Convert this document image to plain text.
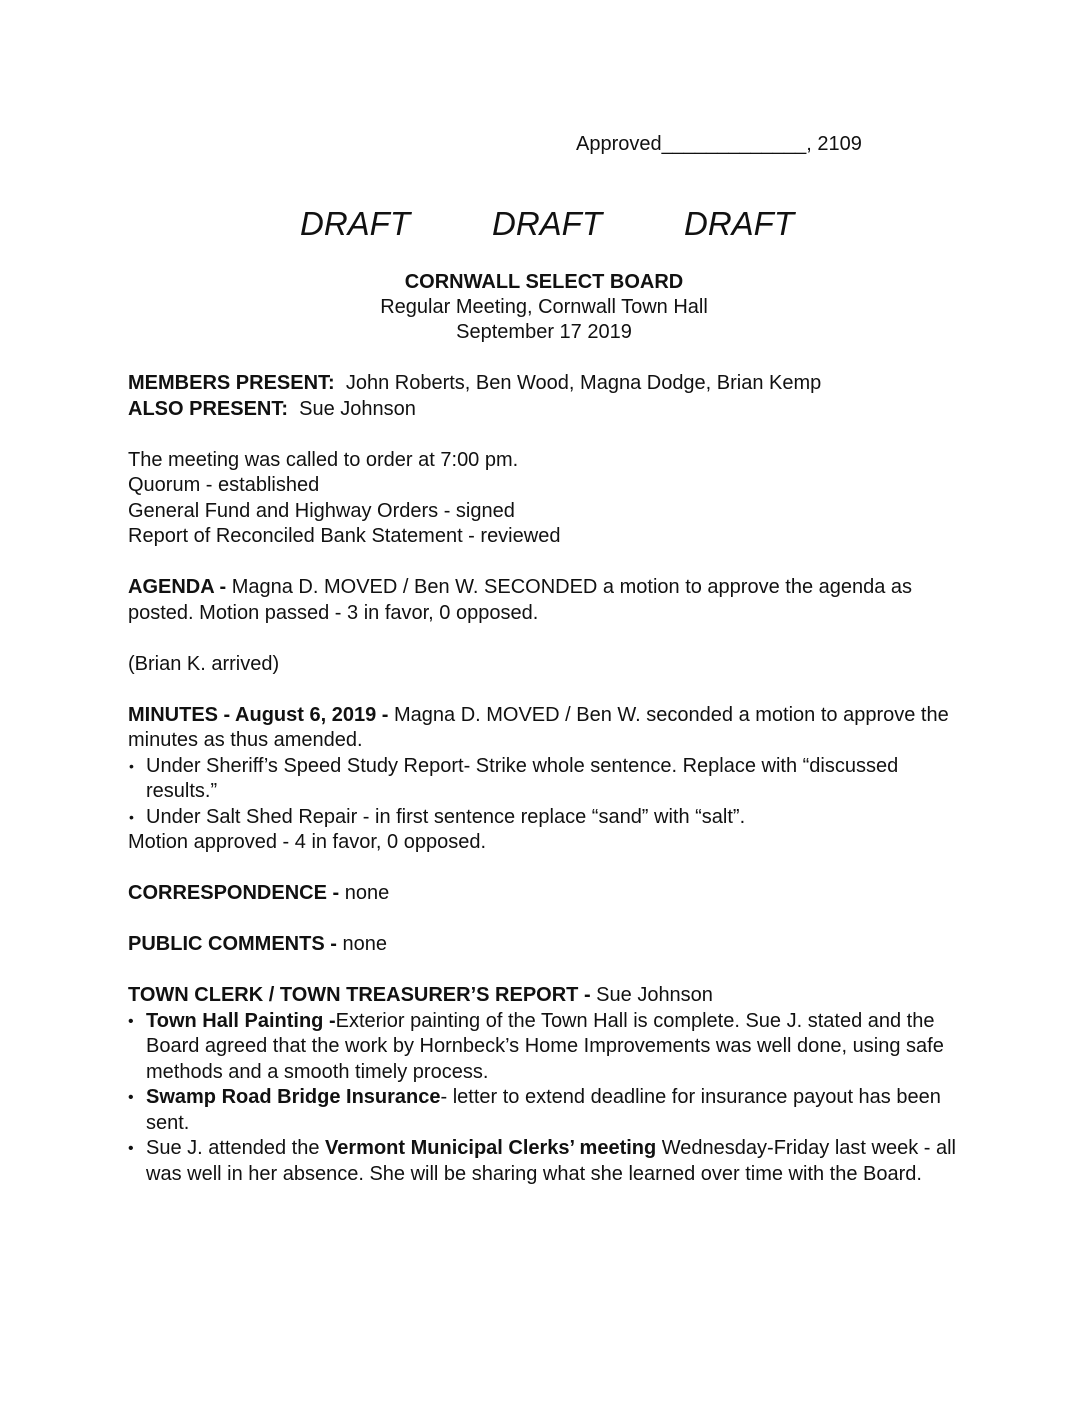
Approved_____________, 2109
DRAFT DRAFT DRAFT
CORNWALL SELECT BOARD
Regular Meeting, Cornwall Town Hall
September 17 2019
MEMBERS PRESENT: John Roberts, Ben Wood, Magna Dodge, Brian Kemp
ALSO PRESENT: Sue Johnson
The meeting was called to order at 7:00 pm.
Quorum - established
General Fund and Highway Orders - signed
Report of Reconciled Bank Statement - reviewed
AGENDA - Magna D. MOVED / Ben W. SECONDED a motion to approve the agenda as posted. Motion passed - 3 in favor, 0 opposed.
(Brian K. arrived)
MINUTES - August 6, 2019 - Magna D. MOVED / Ben W. seconded a motion to approve the minutes as thus amended.
• Under Sheriff’s Speed Study Report- Strike whole sentence. Replace with “discussed results.”
• Under Salt Shed Repair - in first sentence replace “sand” with “salt”.
Motion approved - 4 in favor, 0 opposed.
CORRESPONDENCE - none
PUBLIC COMMENTS - none
TOWN CLERK / TOWN TREASURER’S REPORT - Sue Johnson
• Town Hall Painting -Exterior painting of the Town Hall is complete. Sue J. stated and the Board agreed that the work by Hornbeck’s Home Improvements was well done, using safe methods and a smooth timely process.
• Swamp Road Bridge Insurance- letter to extend deadline for insurance payout has been sent.
• Sue J. attended the Vermont Municipal Clerks’ meeting Wednesday-Friday last week - all was well in her absence. She will be sharing what she learned over time with the Board.
